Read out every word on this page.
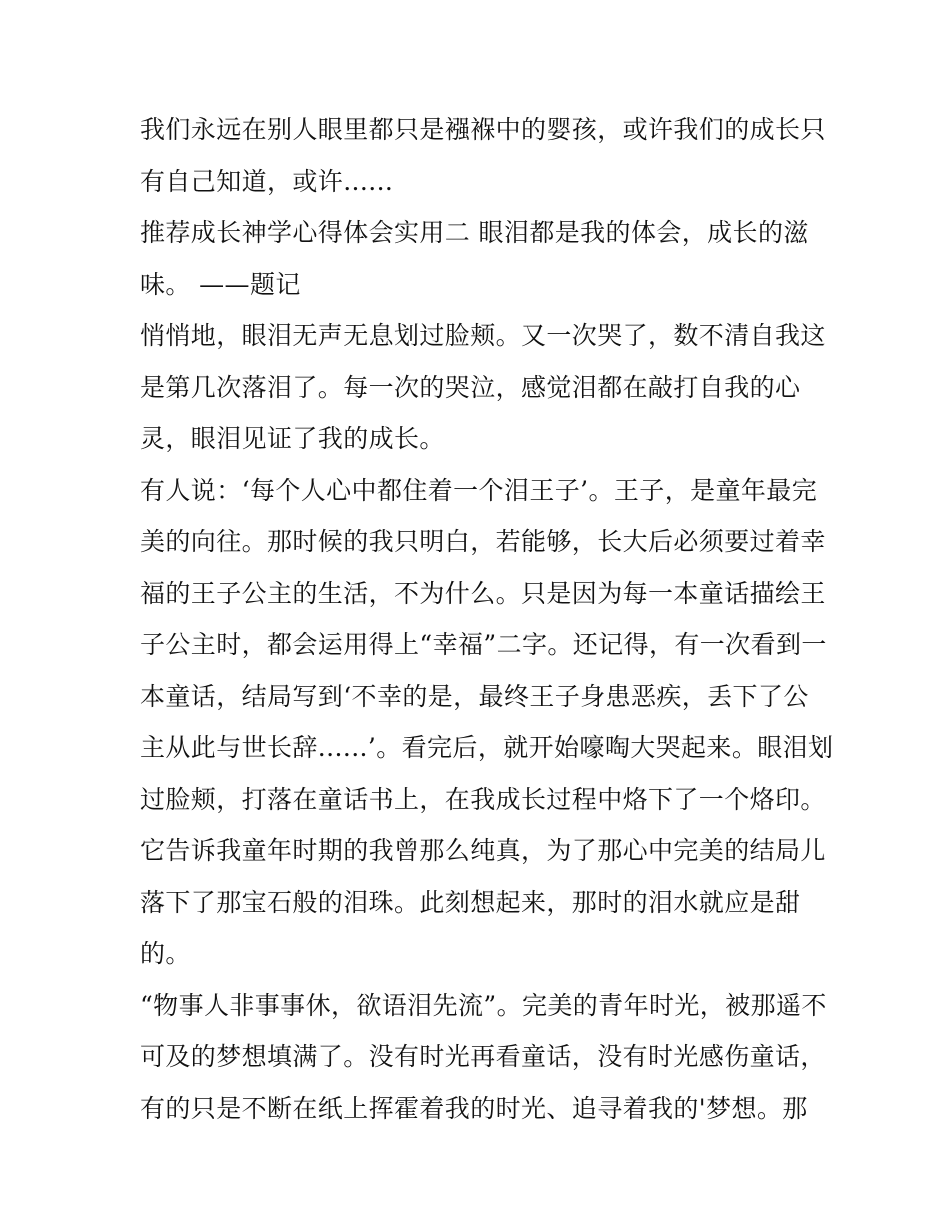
我们永远在别人眼里都只是襁褓中的婴孩，或许我们的成长只
有自己知道，或许......
推荐成长神学心得体会实用二 眼泪都是我的体会，成长的滋
味。 ——题记
悄悄地，眼泪无声无息划过脸颊。又一次哭了，数不清自我这
是第几次落泪了。每一次的哭泣，感觉泪都在敲打自我的心
灵，眼泪见证了我的成长。
有人说：‘每个人心中都住着一个泪王子’。王子，是童年最完
美的向往。那时候的我只明白，若能够，长大后必须要过着幸
福的王子公主的生活，不为什么。只是因为每一本童话描绘王
子公主时，都会运用得上“幸福”二字。还记得，有一次看到一
本童话，结局写到‘不幸的是，最终王子身患恶疾，丢下了公
主从此与世长辞......’。看完后，就开始嚎啕大哭起来。眼泪划
过脸颊，打落在童话书上，在我成长过程中烙下了一个烙印。
它告诉我童年时期的我曾那么纯真，为了那心中完美的结局儿
落下了那宝石般的泪珠。此刻想起来，那时的泪水就应是甜
的。
“物事人非事事休，欲语泪先流”。完美的青年时光，被那遥不
可及的梦想填满了。没有时光再看童话，没有时光感伤童话，
有的只是不断在纸上挥霍着我的时光、追寻着我的'梦想。那
